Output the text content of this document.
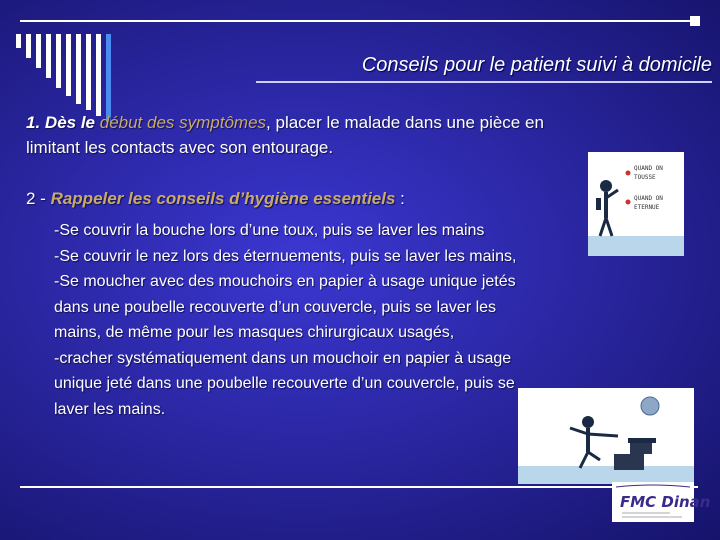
Conseils pour le patient suivi à domicile
1. Dès le début des symptômes, placer le malade dans une pièce en limitant les contacts avec son entourage.
2 - Rappeler les conseils d’hygiène essentiels :
-Se couvrir la bouche lors d’une toux, puis se laver les mains
-Se couvrir le nez lors des éternuements, puis se laver les mains,
-Se moucher avec des mouchoirs en papier à usage unique jetés dans une poubelle recouverte d’un couvercle, puis se laver les mains, de même pour les masques chirurgicaux usagés,
-cracher systématiquement dans un mouchoir en papier à usage unique jeté dans une poubelle recouverte d’un couvercle, puis se laver les mains.
QUAND ON TOUSSE
QUAND ON ETERNUE
FMC Dinan
